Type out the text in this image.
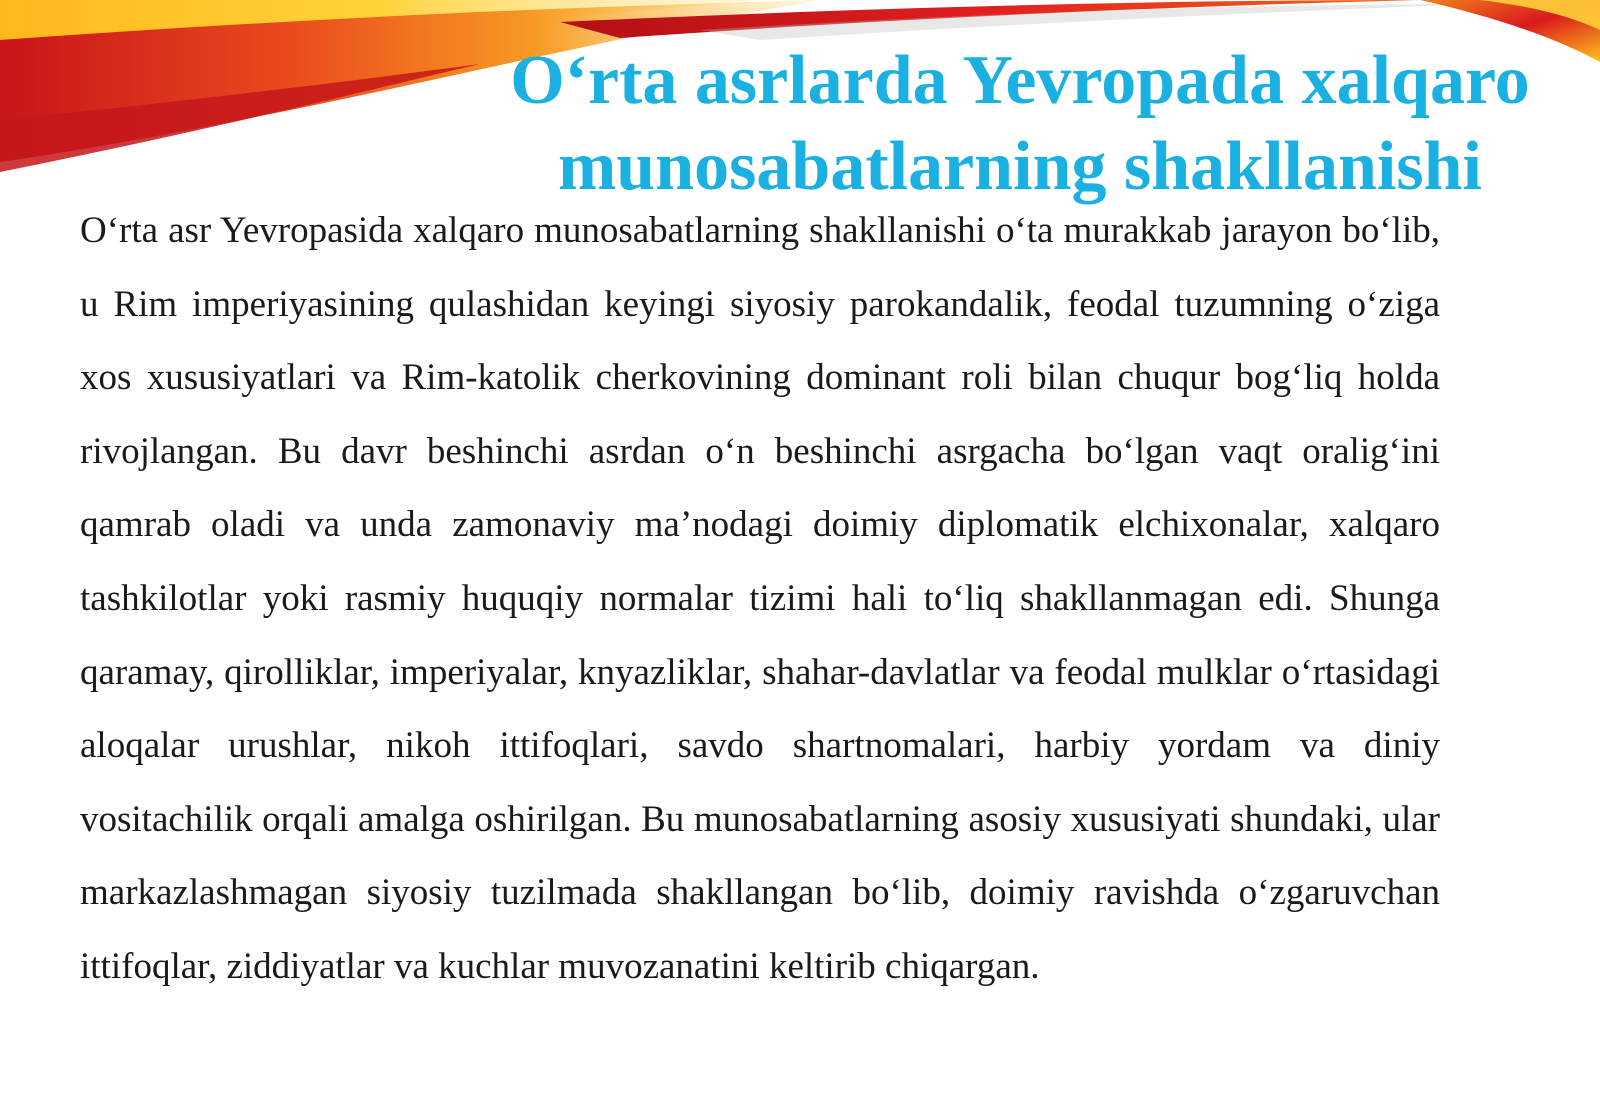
O‘rta asrlarda Yevropada xalqaro munosabatlarning shakllanishi

O‘rta asr Yevropasida xalqaro munosabatlarning shakllanishi o‘ta murakkab jarayon bo‘lib, u Rim imperiyasining qulashidan keyingi siyosiy parokandalik, feodal tuzumning o‘ziga xos xususiyatlari va Rim-katolik cherkovining dominant roli bilan chuqur bog‘liq holda rivojlangan. Bu davr beshinchi asrdan o‘n beshinchi asrgacha bo‘lgan vaqt oralig‘ini qamrab oladi va unda zamonaviy ma’nodagi doimiy diplomatik elchixonalar, xalqaro tashkilotlar yoki rasmiy huquqiy normalar tizimi hali to‘liq shakllanmagan edi. Shunga qaramay, qirolliklar, imperiyalar, knyazliklar, shahar-davlatlar va feodal mulklar o‘rtasidagi aloqalar urushlar, nikoh ittifoqlari, savdo shartnomalari, harbiy yordam va diniy vositachilik orqali amalga oshirilgan. Bu munosabatlarning asosiy xususiyati shundaki, ular markazlashmagan siyosiy tuzilmada shakllangan bo‘lib, doimiy ravishda o‘zgaruvchan ittifoqlar, ziddiyatlar va kuchlar muvozanatini keltirib chiqargan.
